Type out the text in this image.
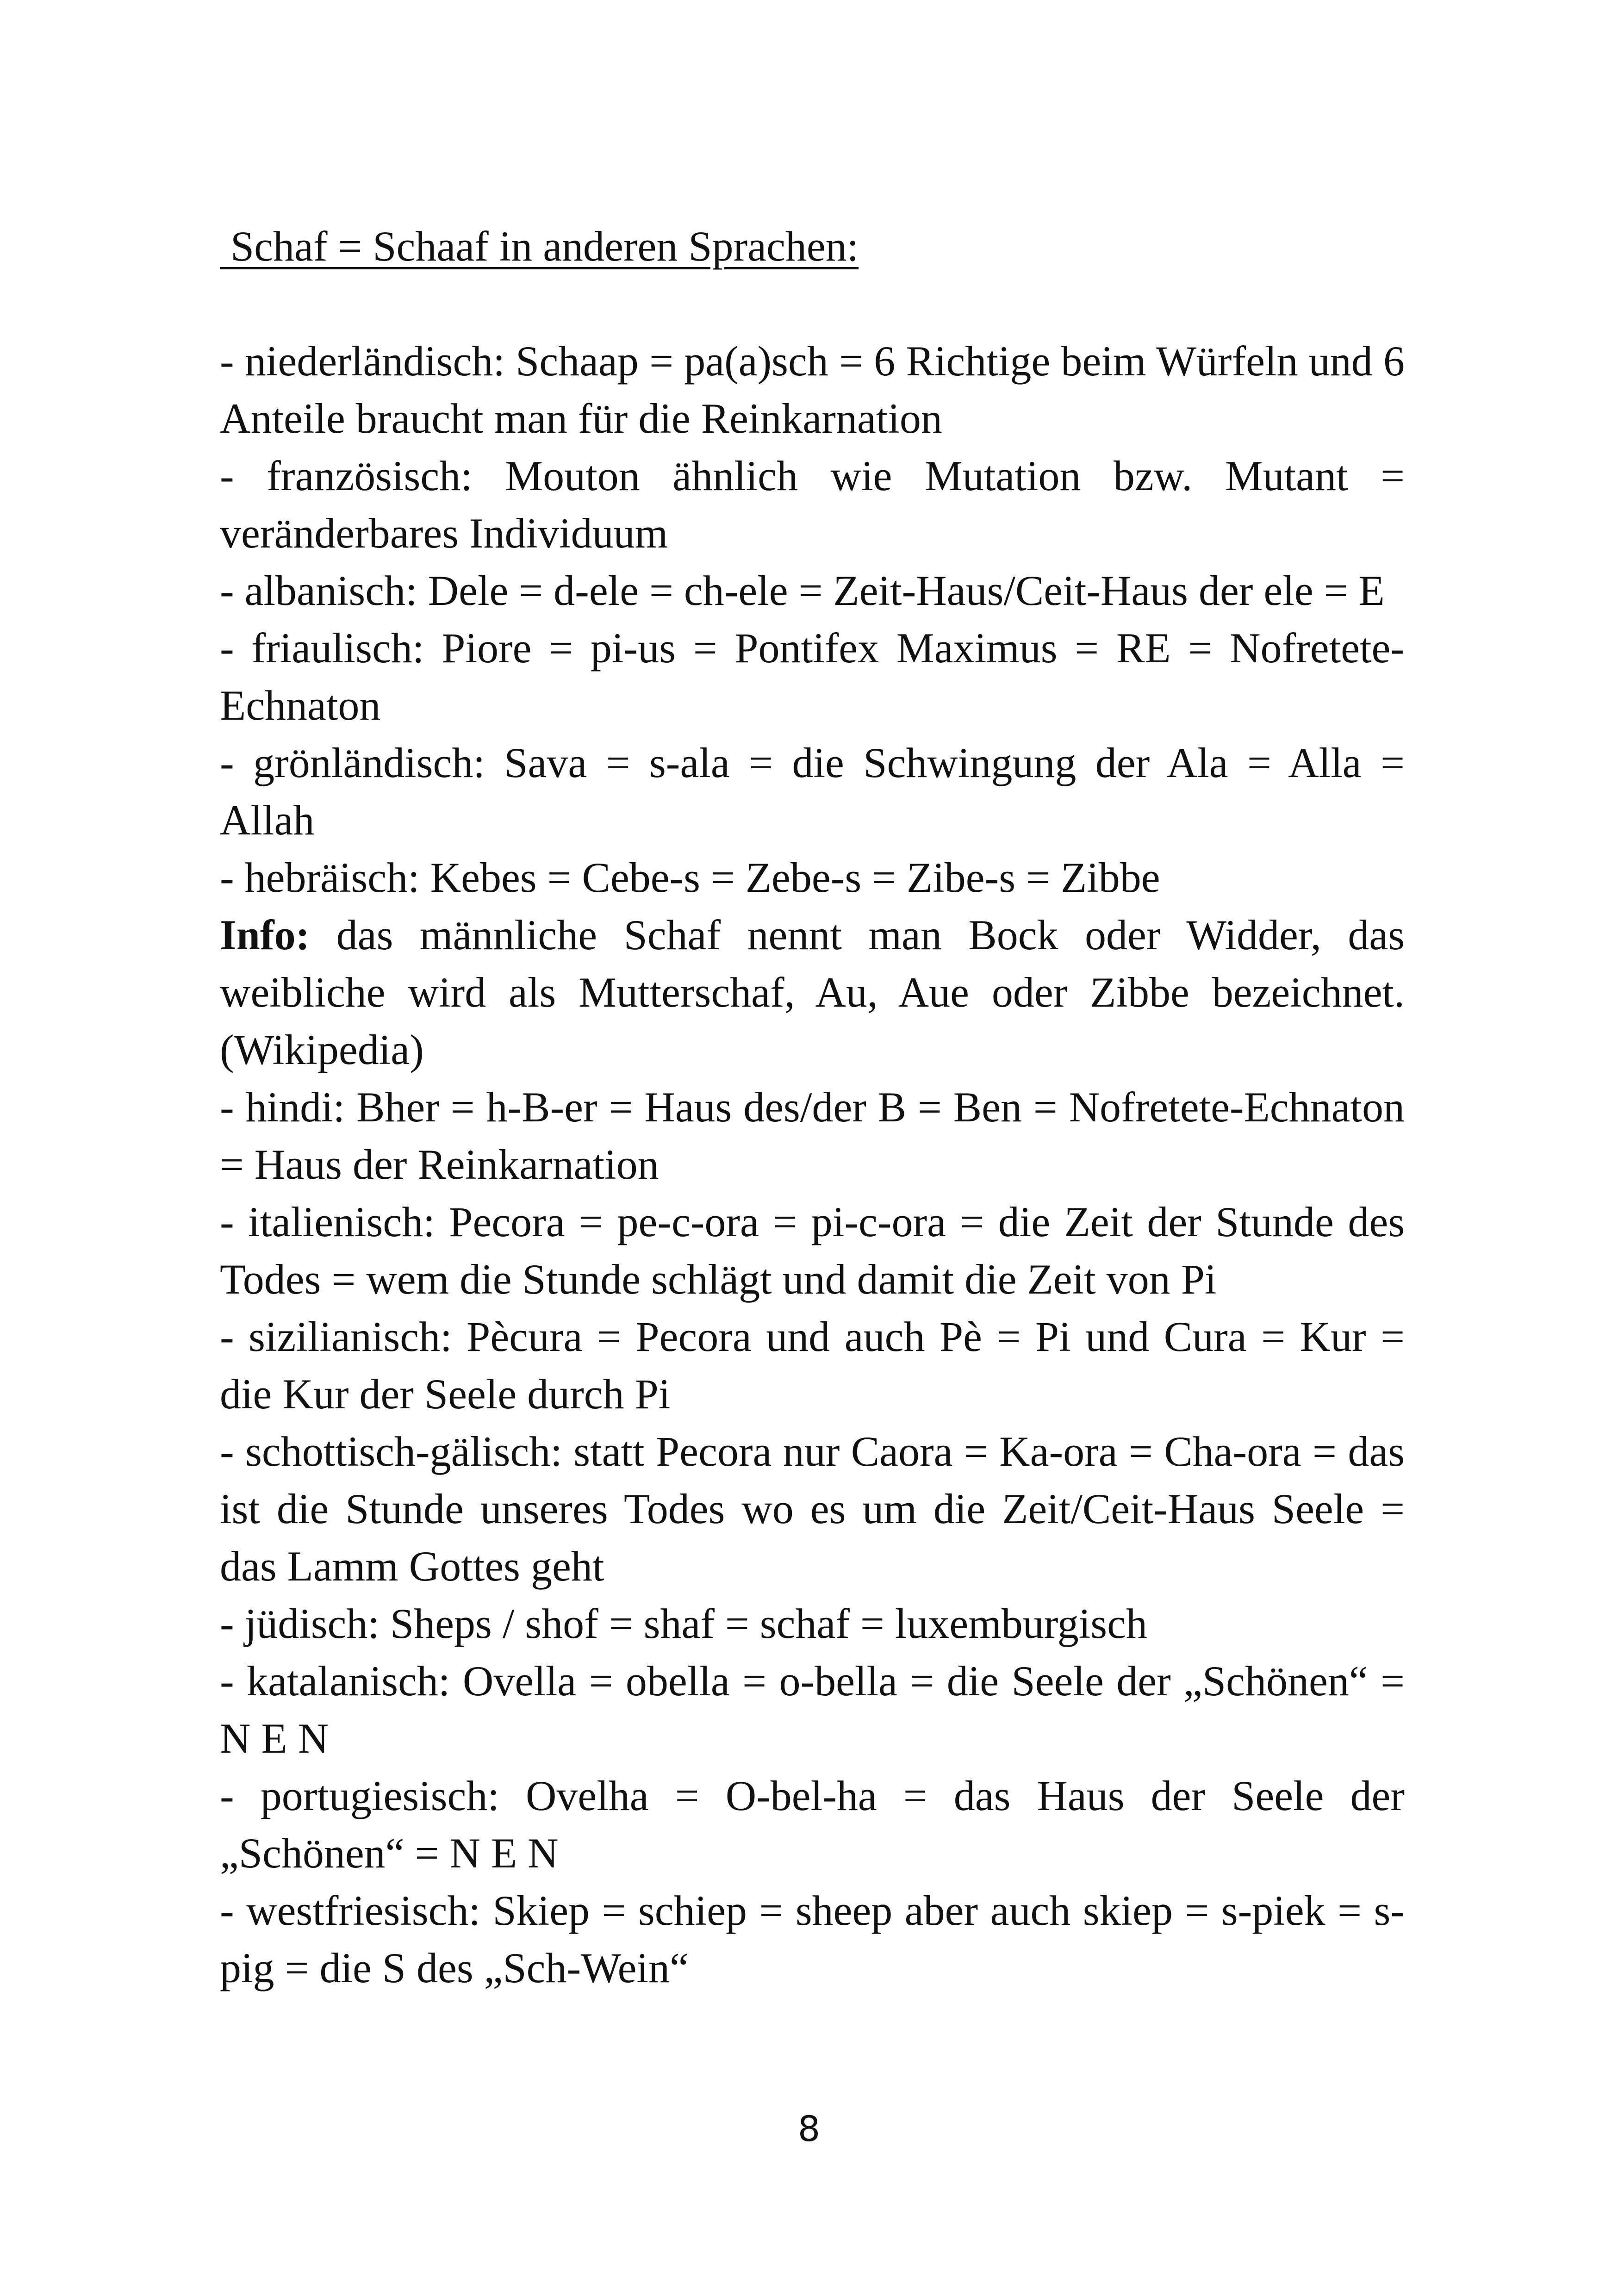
Schaf = Schaaf in anderen Sprachen:

- niederländisch: Schaap = pa(a)sch = 6 Richtige beim Würfeln und 6 Anteile braucht man für die Reinkarnation

- französisch: Mouton ähnlich wie Mutation bzw. Mutant = veränderbares Individuum

- albanisch: Dele = d-ele = ch-ele = Zeit-Haus/Ceit-Haus der ele = E

- friaulisch: Piore = pi-us = Pontifex Maximus = RE = Nofretete-Echnaton

- grönländisch: Sava = s-ala = die Schwingung der Ala = Alla = Allah

- hebräisch: Kebes = Cebe-s = Zebe-s = Zibe-s = Zibbe

Info: das männliche Schaf nennt man Bock oder Widder, das weibliche wird als Mutterschaf, Au, Aue oder Zibbe bezeichnet. (Wikipedia)

- hindi: Bher = h-B-er = Haus des/der B = Ben = Nofretete-Echnaton = Haus der Reinkarnation

- italienisch: Pecora = pe-c-ora = pi-c-ora = die Zeit der Stunde des Todes = wem die Stunde schlägt und damit die Zeit von Pi

- sizilianisch: Pècura = Pecora und auch Pè = Pi und Cura = Kur = die Kur der Seele durch Pi

- schottisch-gälisch: statt Pecora nur Caora = Ka-ora = Cha-ora = das ist die Stunde unseres Todes wo es um die Zeit/Ceit-Haus Seele = das Lamm Gottes geht

- jüdisch: Sheps / shof = shaf = schaf = luxemburgisch

- katalanisch: Ovella = obella = o-bella = die Seele der „Schönen“ = N E N

- portugiesisch: Ovelha = O-bel-ha = das Haus der Seele der „Schönen“ = N E N

- westfriesisch: Skiep = schiep = sheep aber auch skiep = s-piek = s-pig = die S des „Sch-Wein“

8
